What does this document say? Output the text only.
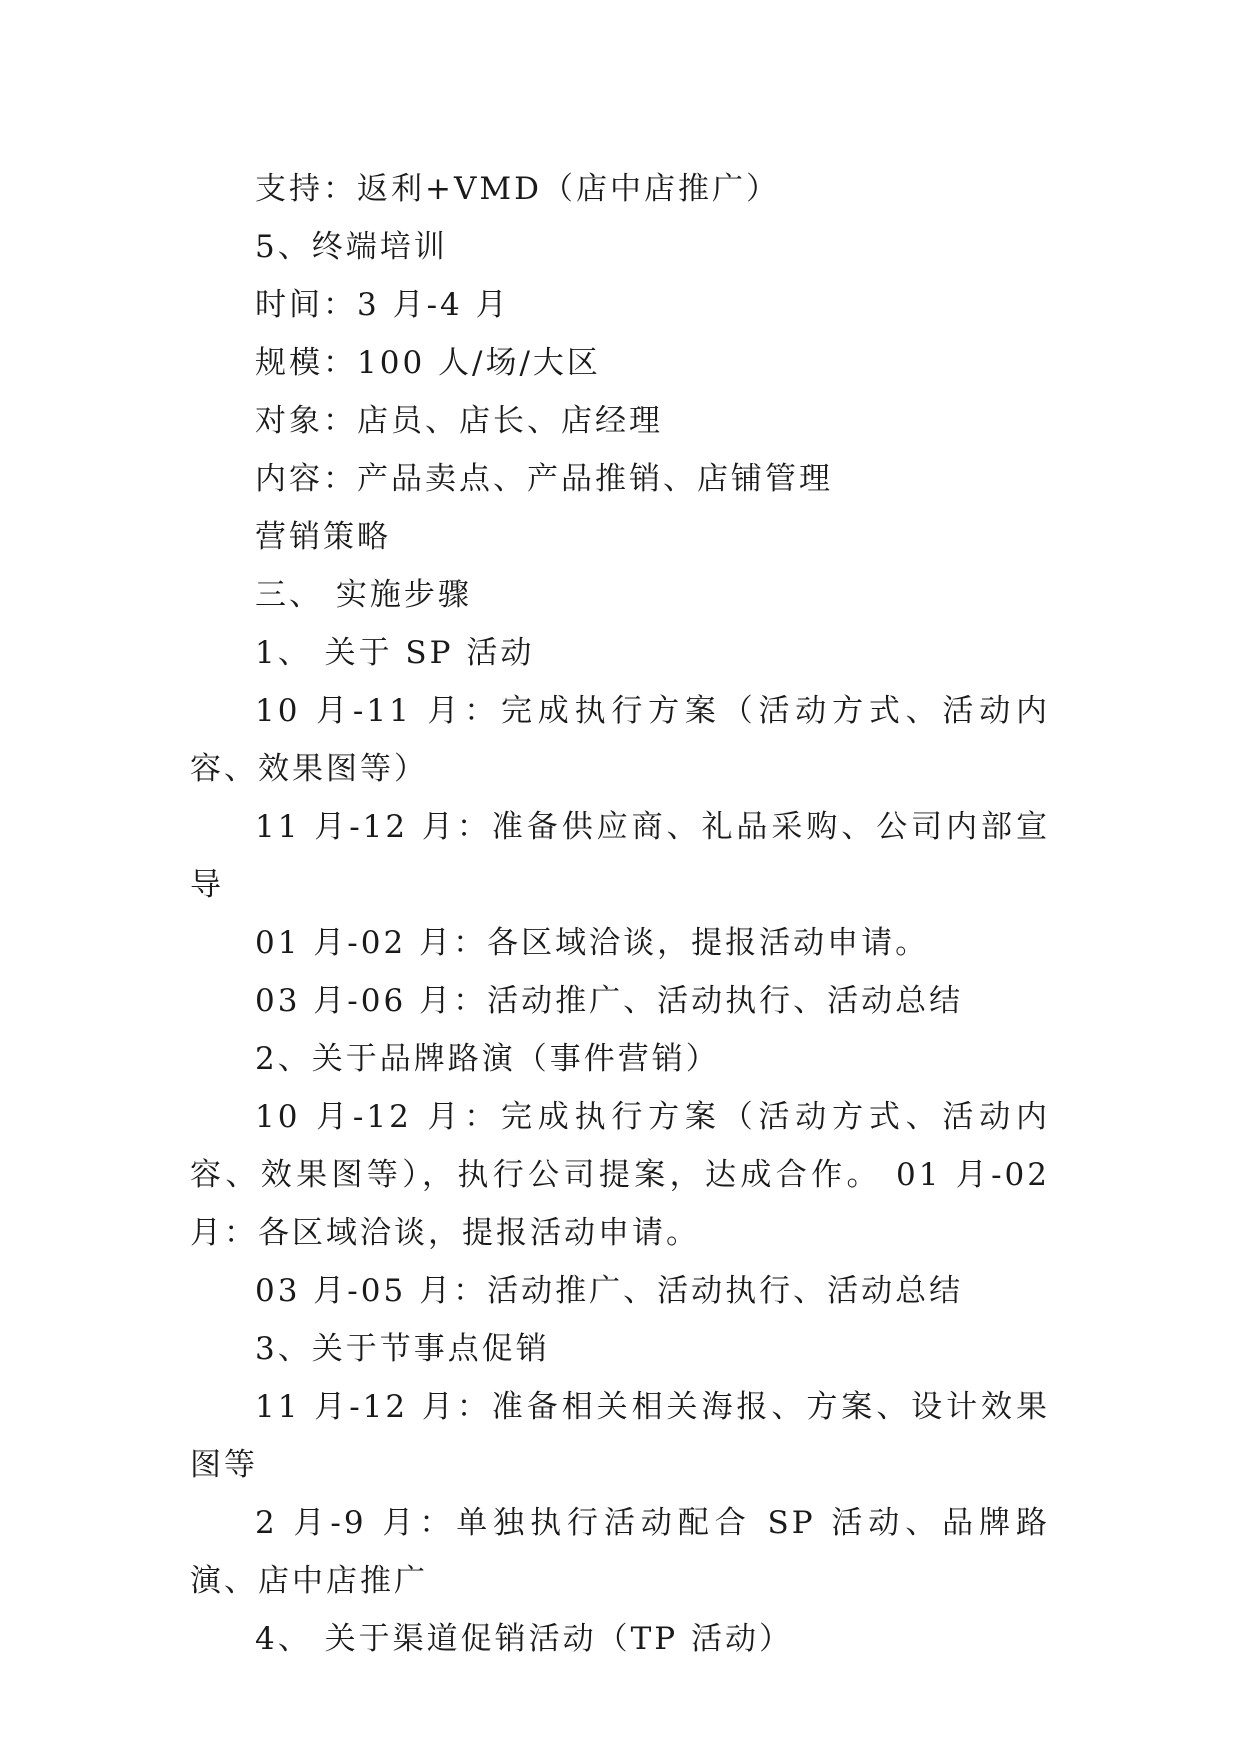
支持：返利+VMD（店中店推广）

5、终端培训

时间：3 月-4 月

规模：100 人/场/大区

对象：店员、店长、店经理

内容：产品卖点、产品推销、店铺管理

营销策略

三、 实施步骤

1、 关于 SP 活动

10 月-11 月：完成执行方案（活动方式、活动内容、效果图等）

11 月-12 月：准备供应商、礼品采购、公司内部宣导

01 月-02 月：各区域洽谈，提报活动申请。

03 月-06 月：活动推广、活动执行、活动总结

2、关于品牌路演（事件营销）

10 月-12 月：完成执行方案（活动方式、活动内容、效果图等），执行公司提案，达成合作。 01 月-02 月：各区域洽谈，提报活动申请。

03 月-05 月：活动推广、活动执行、活动总结

3、关于节事点促销

11 月-12 月：准备相关相关海报、方案、设计效果图等

2 月-9 月：单独执行活动配合 SP 活动、品牌路演、店中店推广

4、 关于渠道促销活动（TP 活动）
